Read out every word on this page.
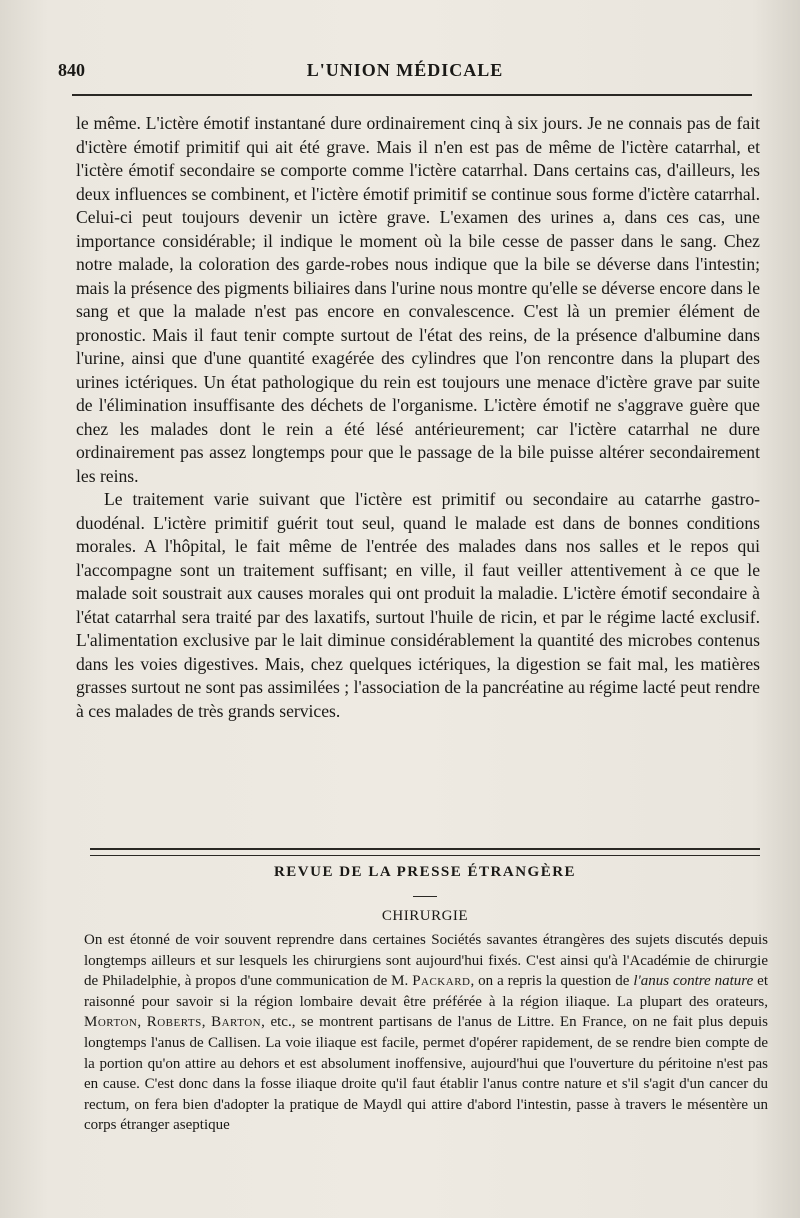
840	L'UNION MÉDICALE

le même. L'ictère émotif instantané dure ordinairement cinq à six jours. Je ne connais pas de fait d'ictère émotif primitif qui ait été grave. Mais il n'en est pas de même de l'ictère catarrhal, et l'ictère émotif secondaire se comporte comme l'ictère catarrhal. Dans certains cas, d'ailleurs, les deux influences se combinent, et l'ictère émotif primitif se continue sous forme d'ictère catarrhal. Celui-ci peut toujours devenir un ictère grave. L'examen des urines a, dans ces cas, une importance considérable; il indique le moment où la bile cesse de passer dans le sang. Chez notre malade, la coloration des garde-robes nous indique que la bile se déverse dans l'intestin; mais la présence des pigments biliaires dans l'urine nous montre qu'elle se déverse encore dans le sang et que la malade n'est pas encore en convalescence. C'est là un premier élément de pronostic. Mais il faut tenir compte surtout de l'état des reins, de la présence d'albumine dans l'urine, ainsi que d'une quantité exagérée des cylindres que l'on rencontre dans la plupart des urines ictériques. Un état pathologique du rein est toujours une menace d'ictère grave par suite de l'élimination insuffisante des déchets de l'organisme. L'ictère émotif ne s'aggrave guère que chez les malades dont le rein a été lésé antérieurement; car l'ictère catarrhal ne dure ordinairement pas assez longtemps pour que le passage de la bile puisse altérer secondairement les reins.

Le traitement varie suivant que l'ictère est primitif ou secondaire au catarrhe gastro-duodénal. L'ictère primitif guérit tout seul, quand le malade est dans de bonnes conditions morales. A l'hôpital, le fait même de l'entrée des malades dans nos salles et le repos qui l'accompagne sont un traitement suffisant; en ville, il faut veiller attentivement à ce que le malade soit soustrait aux causes morales qui ont produit la maladie. L'ictère émotif secondaire à l'état catarrhal sera traité par des laxatifs, surtout l'huile de ricin, et par le régime lacté exclusif. L'alimentation exclusive par le lait diminue considérablement la quantité des microbes contenus dans les voies digestives. Mais, chez quelques ictériques, la digestion se fait mal, les matières grasses surtout ne sont pas assimilées ; l'association de la pancréatine au régime lacté peut rendre à ces malades de très grands services.

REVUE DE LA PRESSE ÉTRANGÈRE
CHIRURGIE

On est étonné de voir souvent reprendre dans certaines Sociétés savantes étrangères des sujets discutés depuis longtemps ailleurs et sur lesquels les chirurgiens sont aujourd'hui fixés. C'est ainsi qu'à l'Académie de chirurgie de Philadelphie, à propos d'une communication de M. Packard, on a repris la question de l'anus contre nature et raisonné pour savoir si la région lombaire devait être préférée à la région iliaque. La plupart des orateurs, Morton, Roberts, Barton, etc., se montrent partisans de l'anus de Littre. En France, on ne fait plus depuis longtemps l'anus de Callisen. La voie iliaque est facile, permet d'opérer rapidement, de se rendre bien compte de la portion qu'on attire au dehors et est absolument inoffensive, aujourd'hui que l'ouverture du péritoine n'est pas en cause. C'est donc dans la fosse iliaque droite qu'il faut établir l'anus contre nature et s'il s'agit d'un cancer du rectum, on fera bien d'adopter la pratique de Maydl qui attire d'abord l'intestin, passe à travers le mésentère un corps étranger aseptique
